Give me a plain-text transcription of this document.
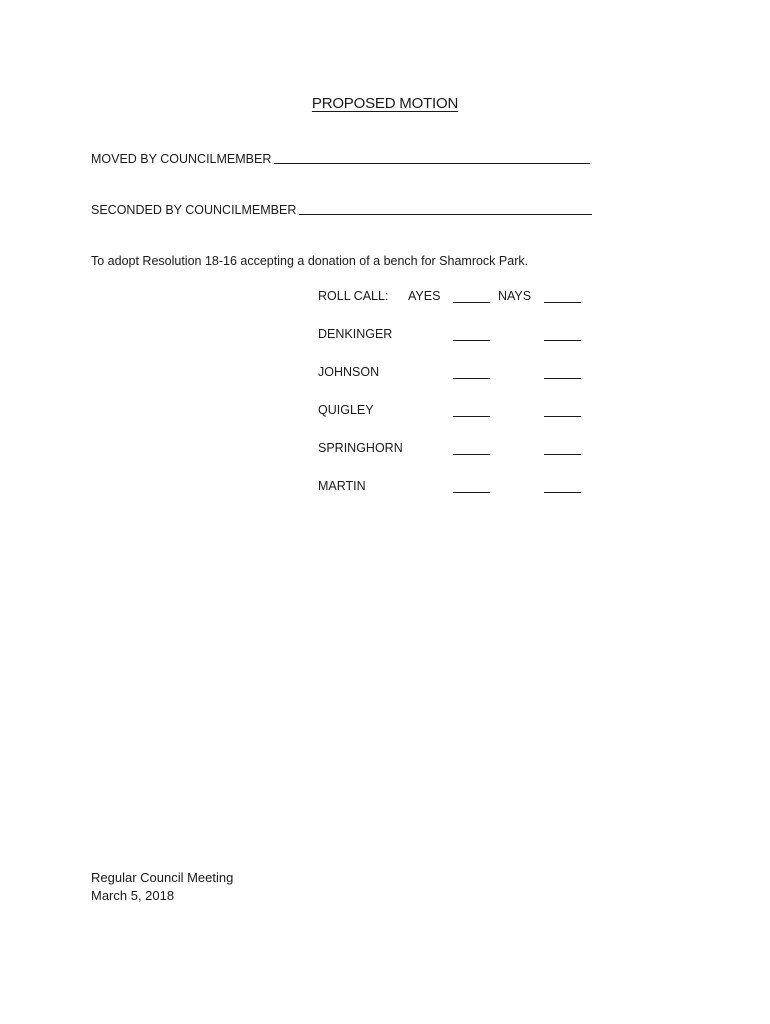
PROPOSED MOTION
MOVED BY COUNCILMEMBER
SECONDED BY COUNCILMEMBER
To adopt Resolution 18-16 accepting a donation of a bench for Shamrock Park.
ROLL CALL: AYES	NAYS
DENKINGER
JOHNSON
QUIGLEY
SPRINGHORN
MARTIN
Regular Council Meeting
March 5, 2018
